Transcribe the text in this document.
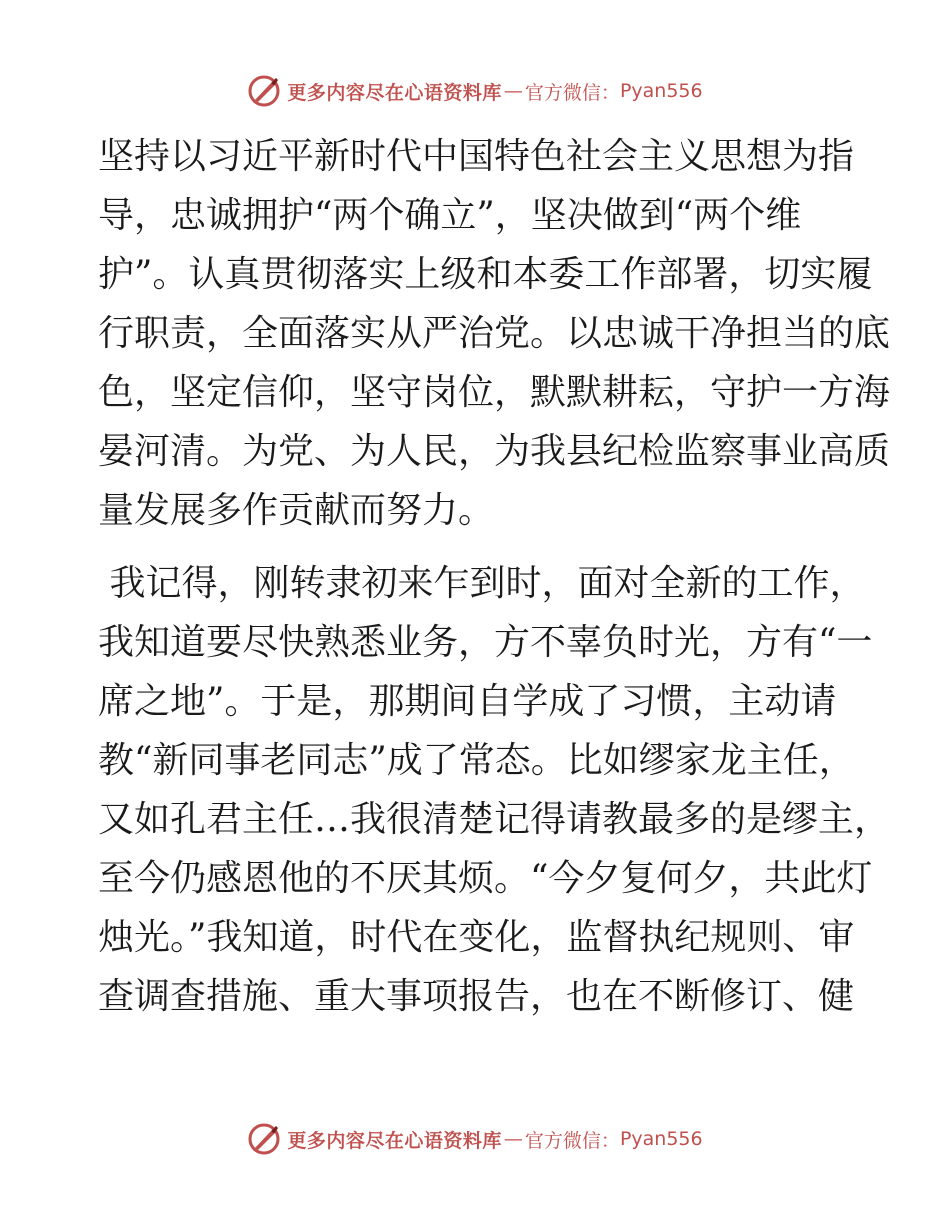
更多内容尽在心语资料库 — 官方微信： Pyan556

坚持以习近平新时代中国特色社会主义思想为指
导，忠诚拥护“两个确立”，坚决做到“两个维
护”。认真贯彻落实上级和本委工作部署，切实履
行职责，全面落实从严治党。以忠诚干净担当的底
色，坚定信仰，坚守岗位，默默耕耘，守护一方海
晏河清。为党、为人民，为我县纪检监察事业高质
量发展多作贡献而努力。

我记得，刚转隶初来乍到时，面对全新的工作，
我知道要尽快熟悉业务，方不辜负时光，方有“一
席之地”。于是，那期间自学成了习惯，主动请
教“新同事老同志”成了常态。比如缪家龙主任，
又如孔君主任…我很清楚记得请教最多的是缪主，
至今仍感恩他的不厌其烦。“今夕复何夕，共此灯
烛光。”我知道，时代在变化，监督执纪规则、审
查调查措施、重大事项报告，也在不断修订、健

更多内容尽在心语资料库 — 官方微信： Pyan556
